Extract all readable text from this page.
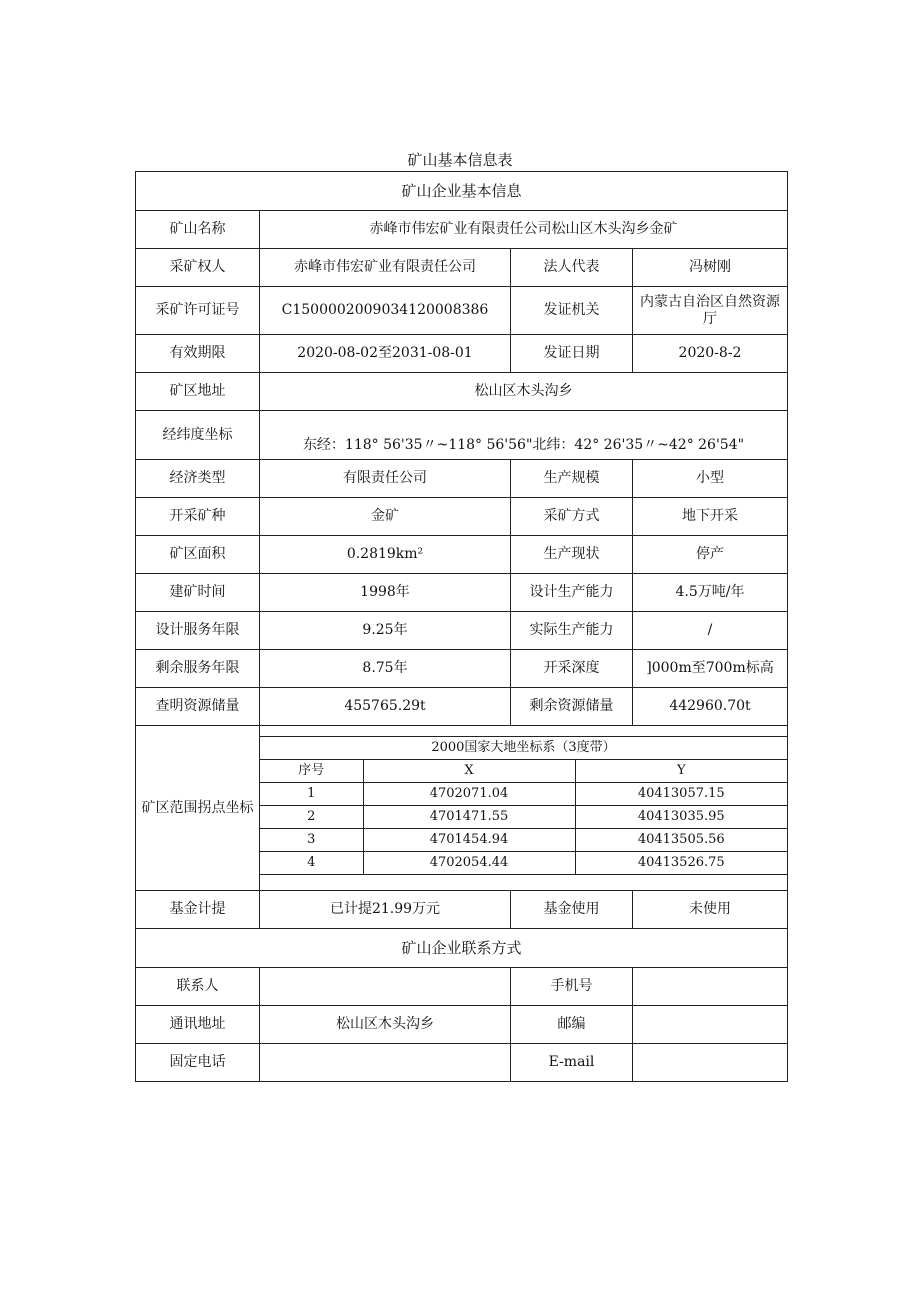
矿山基本信息表
矿山企业基本信息
矿山名称	赤峰市伟宏矿业有限责任公司松山区木头沟乡金矿
采矿权人	赤峰市伟宏矿业有限责任公司	法人代表	冯树刚
采矿许可证号	C1500002009034120008386	发证机关	内蒙古自治区自然资源厅
有效期限	2020-08-02至2031-08-01	发证日期	2020-8-2
矿区地址	松山区木头沟乡
经纬度坐标	东经：118° 56'35〃~118° 56'56"北纬：42° 26'35〃~42° 26'54"
经济类型	有限责任公司	生产规模	小型
开采矿种	金矿	采矿方式	地下开采
矿区面积	0.2819km²	生产现状	停产
建矿时间	1998年	设计生产能力	4.5万吨/年
设计服务年限	9.25年	实际生产能力	/
剩余服务年限	8.75年	开采深度	]000m至700m标高
查明资源储量	455765.29t	剩余资源储量	442960.70t
矿区范围拐点坐标	

2000国家大地坐标系（3度带）
序号	X	Y
1	4702071.04	40413057.15
2	4701471.55	40413035.95
3	4701454.94	40413505.56
4	4702054.44	40413526.75

基金计提	已计提21.99万元	基金使用	未使用
矿山企业联系方式
联系人		手机号	
通讯地址	松山区木头沟乡	邮编	
固定电话		E-mail	
